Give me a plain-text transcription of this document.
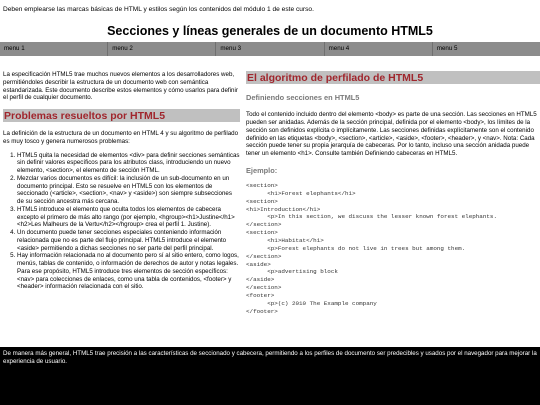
Deben emplearse las marcas básicas de HTML y estilos según los contenidos del módulo 1 de este curso.
Secciones y líneas generales de un documento HTML5
menu 1	menu 2	menu 3	menu 4	menu 5

La especificación HTML5 trae muchos nuevos elementos a los desarrolladores web, permitiéndoles describir la estructura de un documento web con semántica estandarizada. Este documento describe estos elementos y cómo usarlos para definir el perfil de cualquier documento.

Problemas resueltos por HTML5

La definición de la estructura de un documento en HTML 4 y su algoritmo de perfilado es muy tosco y genera numerosos problemas:

1. HTML5 quita la necesidad de elementos <div> para definir secciones semánticas sin definir valores específicos para los atributos class, introduciendo un nuevo elemento, <section>, el elemento de sección HTML.
2. Mezclar varios documentos es difícil: la inclusión de un sub-documento en un documento principal. Esto se resuelve en HTML5 con los elementos de seccionado (<article>, <section>, <nav> y <aside>) son siempre subsecciones de su sección ancestra más cercana.
3. HTML5 introduce el elemento que oculta todos los elementos de cabecera excepto el primero de más alto rango (por ejemplo, <hgroup><h1>Justine</h1><h2>Les Malheurs de la Vertu</h2></hgroup> crea el perfil 1. Justine).
4. Un documento puede tener secciones especiales conteniendo información relacionada que no es parte del flujo principal. HTML5 introduce el elemento <aside> permitiendo a dichas secciones no ser parte del perfil principal.
5. Hay información relacionada no al documento pero sí al sitio entero, como logos, menús, tablas de contenido, o información de derechos de autor y notas legales. Para ese propósito, HTML5 introduce tres elementos de sección específicos: <nav> para colecciones de enlaces, como una tabla de contenidos, <footer> y <header> información relacionada con el sitio.
El algoritmo de perfilado de HTML5
Definiendo secciones en HTML5

Todo el contenido incluido dentro del elemento <body> es parte de una sección. Las secciones en HTML5 pueden ser anidadas. Además de la sección principal, definida por el elemento <body>, los límites de la sección son definidos explícita o implícitamente. Las secciones definidas explícitamente son el contenido definido en las etiquetas <body>, <section>, <article>, <aside>, <footer>, <header>, y <nav>. Nota: Cada sección puede tener su propia jerarquía de cabeceras. Por lo tanto, incluso una sección anidada puede tener un elemento <h1>. Consulte también Definiendo cabeceras en HTML5.

Ejemplo:
<section>
<h1>Forest elephants</h1>
<section>
<h1>Introduction</h1>
<p>In this section, we discuss the lesser known forest elephants.
</section>
<section>
<h1>Habitat</h1>
<p>Forest elephants do not live in trees but among them.
</section>
<aside>
<p>advertising block
</aside>
</section>
<footer>
<p>(c) 2010 The Example company
</footer>
De manera más general, HTML5 trae precisión a las características de seccionado y cabecera, permitiendo a los perfiles de documento ser predecibles y usados por el navegador para mejorar la experiencia de usuario.
